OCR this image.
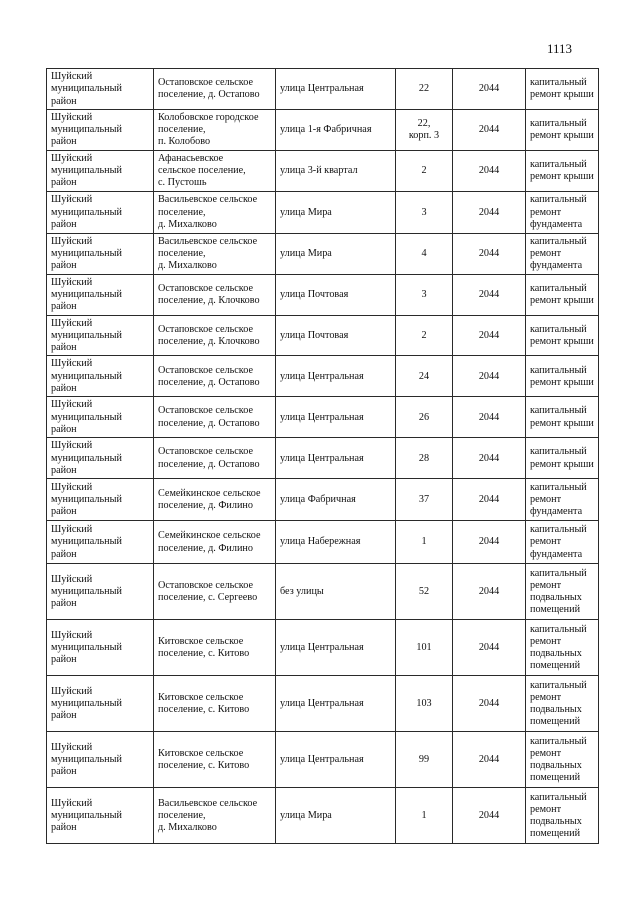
1113
Шуйский
муниципальный
район	Остаповское сельское
поселение, д. Остапово	улица Центральная	22	2044	капитальный
ремонт крыши

Шуйский
муниципальный
район	Колобовское городское
поселение,
п. Колобово	улица 1-я Фабричная	22,
корп. 3	2044	капитальный
ремонт крыши

Шуйский
муниципальный
район	Афанасьевское
сельское поселение,
с. Пустошь	улица 3-й квартал	2	2044	капитальный
ремонт крыши

Шуйский
муниципальный
район	Васильевское сельское
поселение,
д. Михалково	улица Мира	3	2044	капитальный
ремонт
фундамента

Шуйский
муниципальный
район	Васильевское сельское
поселение,
д. Михалково	улица Мира	4	2044	капитальный
ремонт
фундамента

Шуйский
муниципальный
район	Остаповское сельское
поселение, д. Клочково	улица Почтовая	3	2044	капитальный
ремонт крыши

Шуйский
муниципальный
район	Остаповское сельское
поселение, д. Клочково	улица Почтовая	2	2044	капитальный
ремонт крыши

Шуйский
муниципальный
район	Остаповское сельское
поселение, д. Остапово	улица Центральная	24	2044	капитальный
ремонт крыши

Шуйский
муниципальный
район	Остаповское сельское
поселение, д. Остапово	улица Центральная	26	2044	капитальный
ремонт крыши

Шуйский
муниципальный
район	Остаповское сельское
поселение, д. Остапово	улица Центральная	28	2044	капитальный
ремонт крыши

Шуйский
муниципальный
район	Семейкинское сельское
поселение, д. Филино	улица Фабричная	37	2044	капитальный
ремонт
фундамента

Шуйский
муниципальный
район	Семейкинское сельское
поселение, д. Филино	улица Набережная	1	2044	капитальный
ремонт
фундамента

Шуйский
муниципальный
район	Остаповское сельское
поселение, с. Сергеево	без улицы	52	2044	капитальный
ремонт
подвальных
помещений

Шуйский
муниципальный
район	Китовское сельское
поселение, с. Китово	улица Центральная	101	2044	капитальный
ремонт
подвальных
помещений

Шуйский
муниципальный
район	Китовское сельское
поселение, с. Китово	улица Центральная	103	2044	капитальный
ремонт
подвальных
помещений

Шуйский
муниципальный
район	Китовское сельское
поселение, с. Китово	улица Центральная	99	2044	капитальный
ремонт
подвальных
помещений

Шуйский
муниципальный
район	Васильевское сельское
поселение,
д. Михалково	улица Мира	1	2044	капитальный
ремонт
подвальных
помещений
